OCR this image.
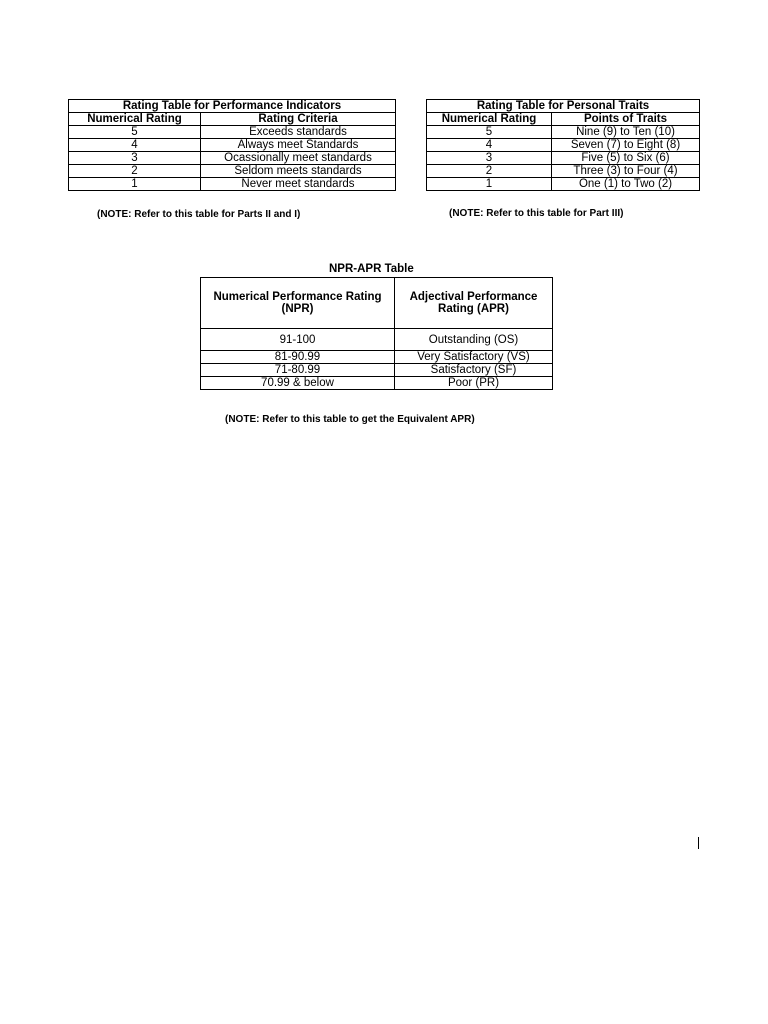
Rating Table for Performance Indicators	
Numerical Rating	Rating Criteria
5	Exceeds standards
4	Always meet Standards
3	Ocassionally meet standards
2	Seldom meets standards
1	Never meet standards
(NOTE: Refer to this table for Parts II and I)
Rating Table for Personal Traits	
Numerical Rating	Points of Traits
5	Nine (9) to Ten (10)
4	Seven (7) to Eight (8)
3	Five (5) to Six (6)
2	Three (3) to Four (4)
1	One (1) to Two (2)
(NOTE: Refer to this table for Part III)
NPR-APR Table
Numerical Performance Rating (NPR)	Adjectival Performance Rating (APR)
91-100	Outstanding (OS)
81-90.99	Very Satisfactory (VS)
71-80.99	Satisfactory (SF)
70.99 & below	Poor (PR)
(NOTE: Refer to this table to get the Equivalent APR)
